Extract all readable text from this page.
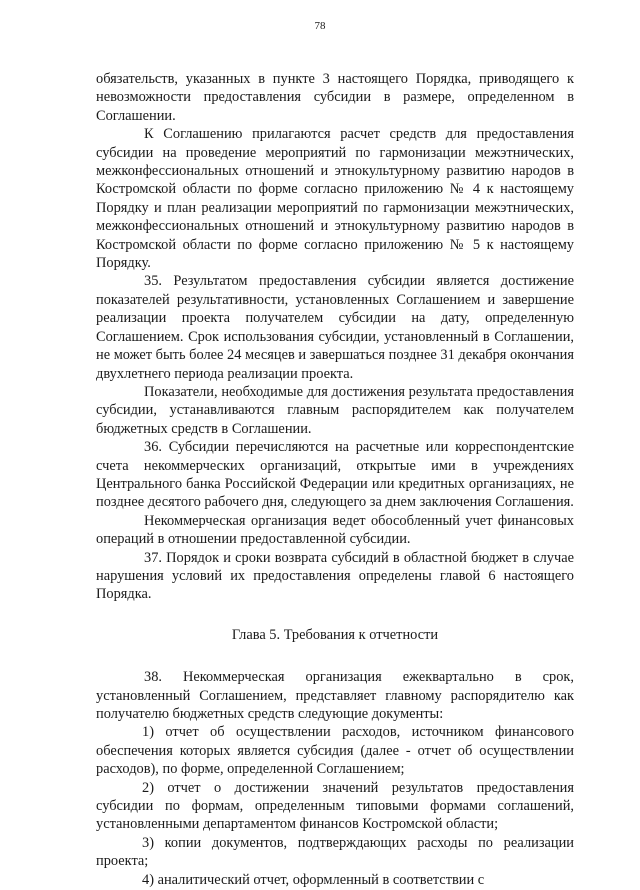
78

обязательств, указанных в пункте 3 настоящего Порядка, приводящего к невозможности предоставления субсидии в размере, определенном в Соглашении.

К Соглашению прилагаются расчет средств для предоставления субсидии на проведение мероприятий по гармонизации межэтнических, межконфессиональных отношений и этнокультурному развитию народов в Костромской области по форме согласно приложению № 4 к настоящему Порядку и план реализации мероприятий по гармонизации межэтнических, межконфессиональных отношений и этнокультурному развитию народов в Костромской области по форме согласно приложению № 5 к настоящему Порядку.

35. Результатом предоставления субсидии является достижение показателей результативности, установленных Соглашением и завершение реализации проекта получателем субсидии на дату, определенную Соглашением. Срок использования субсидии, установленный в Соглашении, не может быть более 24 месяцев и завершаться позднее 31 декабря окончания двухлетнего периода реализации проекта.

Показатели, необходимые для достижения результата предоставления субсидии, устанавливаются главным распорядителем как получателем бюджетных средств в Соглашении.

36. Субсидии перечисляются на расчетные или корреспондентские счета некоммерческих организаций, открытые ими в учреждениях Центрального банка Российской Федерации или кредитных организациях, не позднее десятого рабочего дня, следующего за днем заключения Соглашения.

Некоммерческая организация ведет обособленный учет финансовых операций в отношении предоставленной субсидии.

37. Порядок и сроки возврата субсидий в областной бюджет в случае нарушения условий их предоставления определены главой 6 настоящего Порядка.

Глава 5. Требования к отчетности

38. Некоммерческая организация ежеквартально в срок, установленный Соглашением, представляет главному распорядителю как получателю бюджетных средств следующие документы:

1) отчет об осуществлении расходов, источником финансового обеспечения которых является субсидия (далее - отчет об осуществлении расходов), по форме, определенной Соглашением;

2) отчет о достижении значений результатов предоставления субсидии по формам, определенным типовыми формами соглашений, установленными департаментом финансов Костромской области;

3) копии документов, подтверждающих расходы по реализации проекта;

4) аналитический отчет, оформленный в соответствии с
